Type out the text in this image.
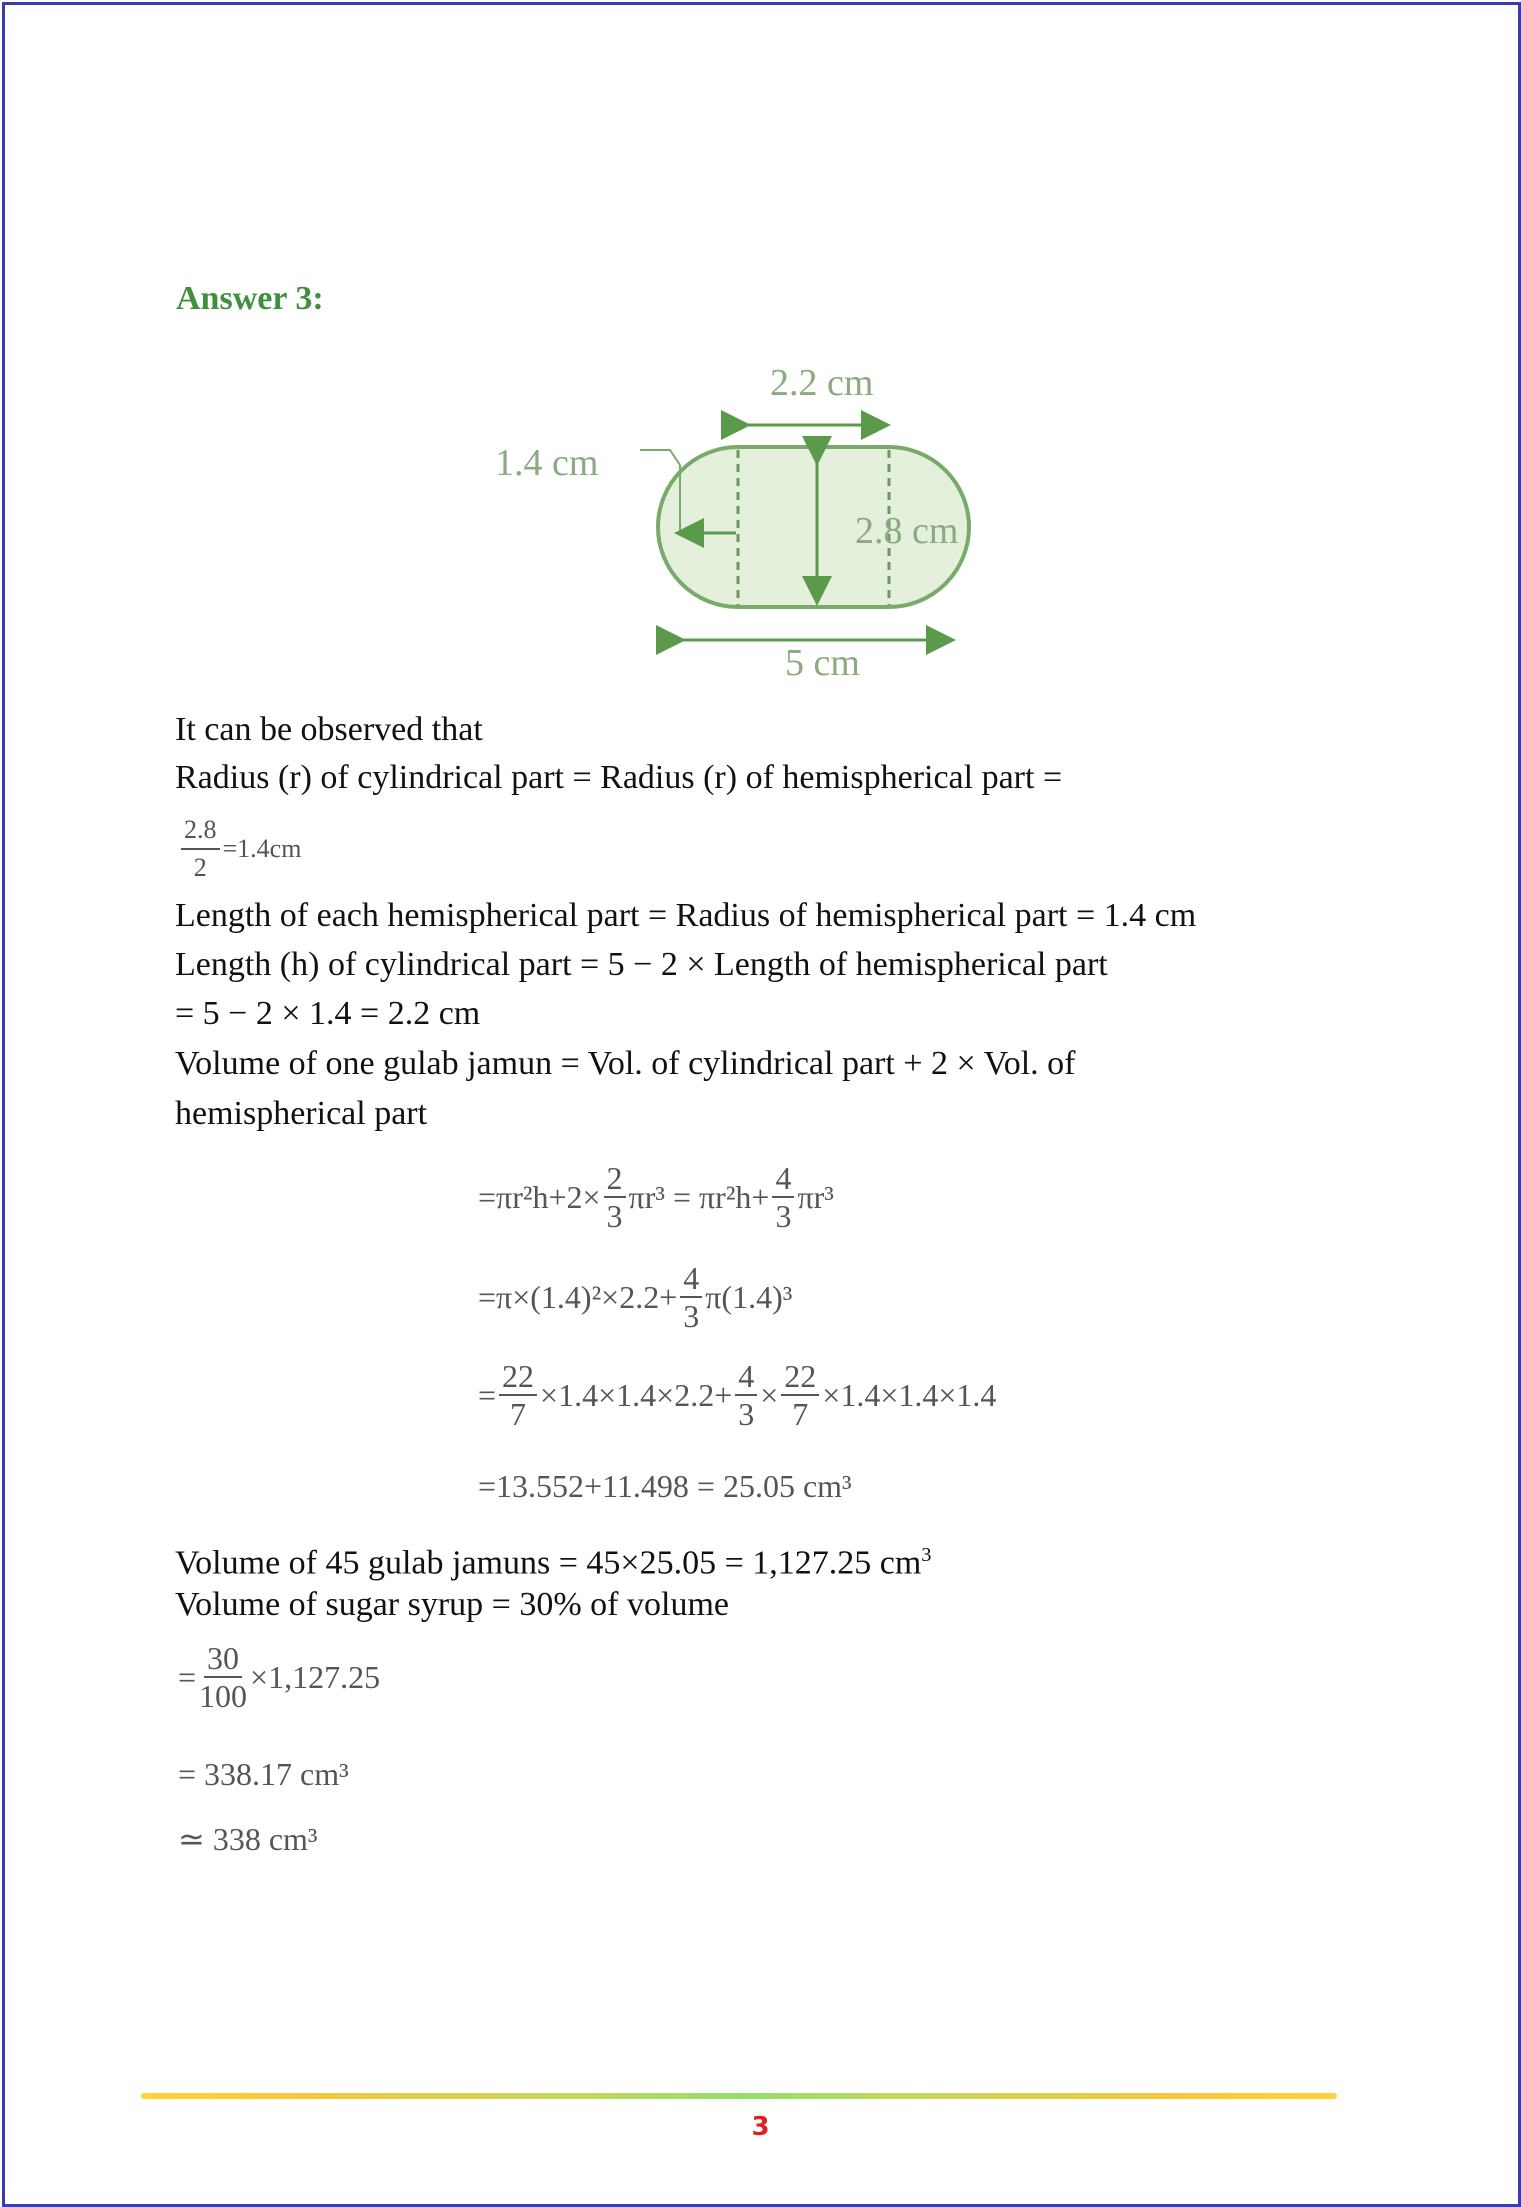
Answer 3:
2.2 cm
1.4 cm
2.8 cm
5 cm
It can be observed that
Radius (r) of cylindrical part = Radius (r) of hemispherical part =
$\frac{2.8}{2} =1.4cm$
Length of each hemispherical part = Radius of hemispherical part = 1.4 cm
Length (h) of cylindrical part = 5 − 2 × Length of hemispherical part
= 5 − 2 × 1.4 = 2.2 cm
Volume of one gulab jamun = Vol. of cylindrical part + 2 × Vol. of
hemispherical part
$=\pi r^2h+2\times \frac{2}{3} \pi r^3 = \pi r^2h+ \frac{4}{3} \pi r^3$
$=\pi\times(1.4)^2\times 2.2+ \frac{4}{3} \pi(1.4)^3$
= $\frac{22}{7} \times 1.4\times 1.4\times 2.2+ \frac{4}{3} \times \frac{22}{7} \times 1.4\times 1.4\times 1.4$
=13.552+11.498 = 25.05 cm³
Volume of 45 gulab jamuns = 45×25.05 = 1,127.25 $cm^3$
Volume of sugar syrup = 30% of volume
= $\frac{30}{100} \times 1,127.25$
= 338.17 cm³
≃ 338 cm³
3
